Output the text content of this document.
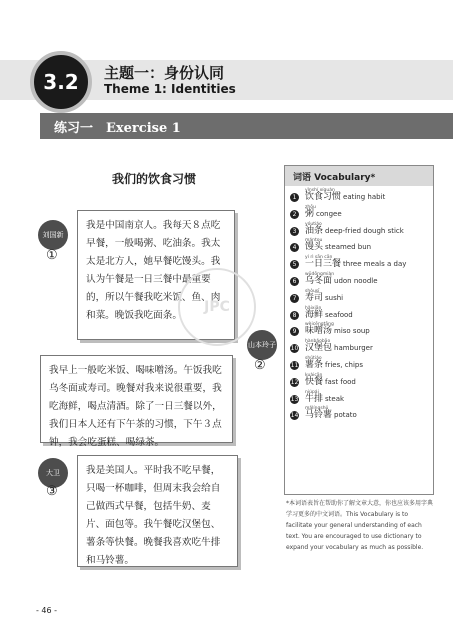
3.2	主题一：身份认同
Theme 1: Identities
练习一　Exercise 1
我们的饮食习惯
刘国新
①
我是中国南京人。我每天８点吃早餐，一般喝粥、吃油条。我太太是北方人，她早餐吃馒头。我认为午餐是一日三餐中最重要的，所以午餐我吃米饭、鱼、肉和菜。晚饭我吃面条。
山本玲子
②
我早上一般吃米饭、喝味噌汤。午饭我吃乌冬面或寿司。晚餐对我来说很重要，我吃海鲜，喝点清酒。除了一日三餐以外，我们日本人还有下午茶的习惯，下午３点钟，我会吃蛋糕、喝绿茶。
大卫
③
我是美国人。平时我不吃早餐，只喝一杯咖啡，但周末我会给自己做西式早餐，包括牛奶、麦片、面包等。我午餐吃汉堡包、薯条等快餐。晚餐我喜欢吃牛排和马铃薯。
JPC
词语 Vocabulary*
1
yǐnshí xíguàn
饮食习惯 eating habit
2
zhōu
粥 congee
3
yóutiáo
油条 deep-fried dough stick
4
mántou
馒头 steamed bun
5
yí rì sān cān
一日三餐 three meals a day
6
wūdōngmiàn
乌冬面 udon noodle
7
shòusī
寿司 sushi
8
hǎixiān
海鲜 seafood
9
wèicēngtāng
味噌汤 miso soup
10
hànbǎobāo
汉堡包 hamburger
11
shǔtiáo
薯条 fries, chips
12
kuàicān
快餐 fast food
13
niúpái
牛排 steak
14
mǎlíngshǔ
马铃薯 potato
*本词语表旨在帮助你了解文章大意，你也应该多用字典学习更多的中文词语。This Vocabulary is to facilitate your general understanding of each text. You are encouraged to use dictionary to expand your vocabulary as much as possible.
- 46 -
